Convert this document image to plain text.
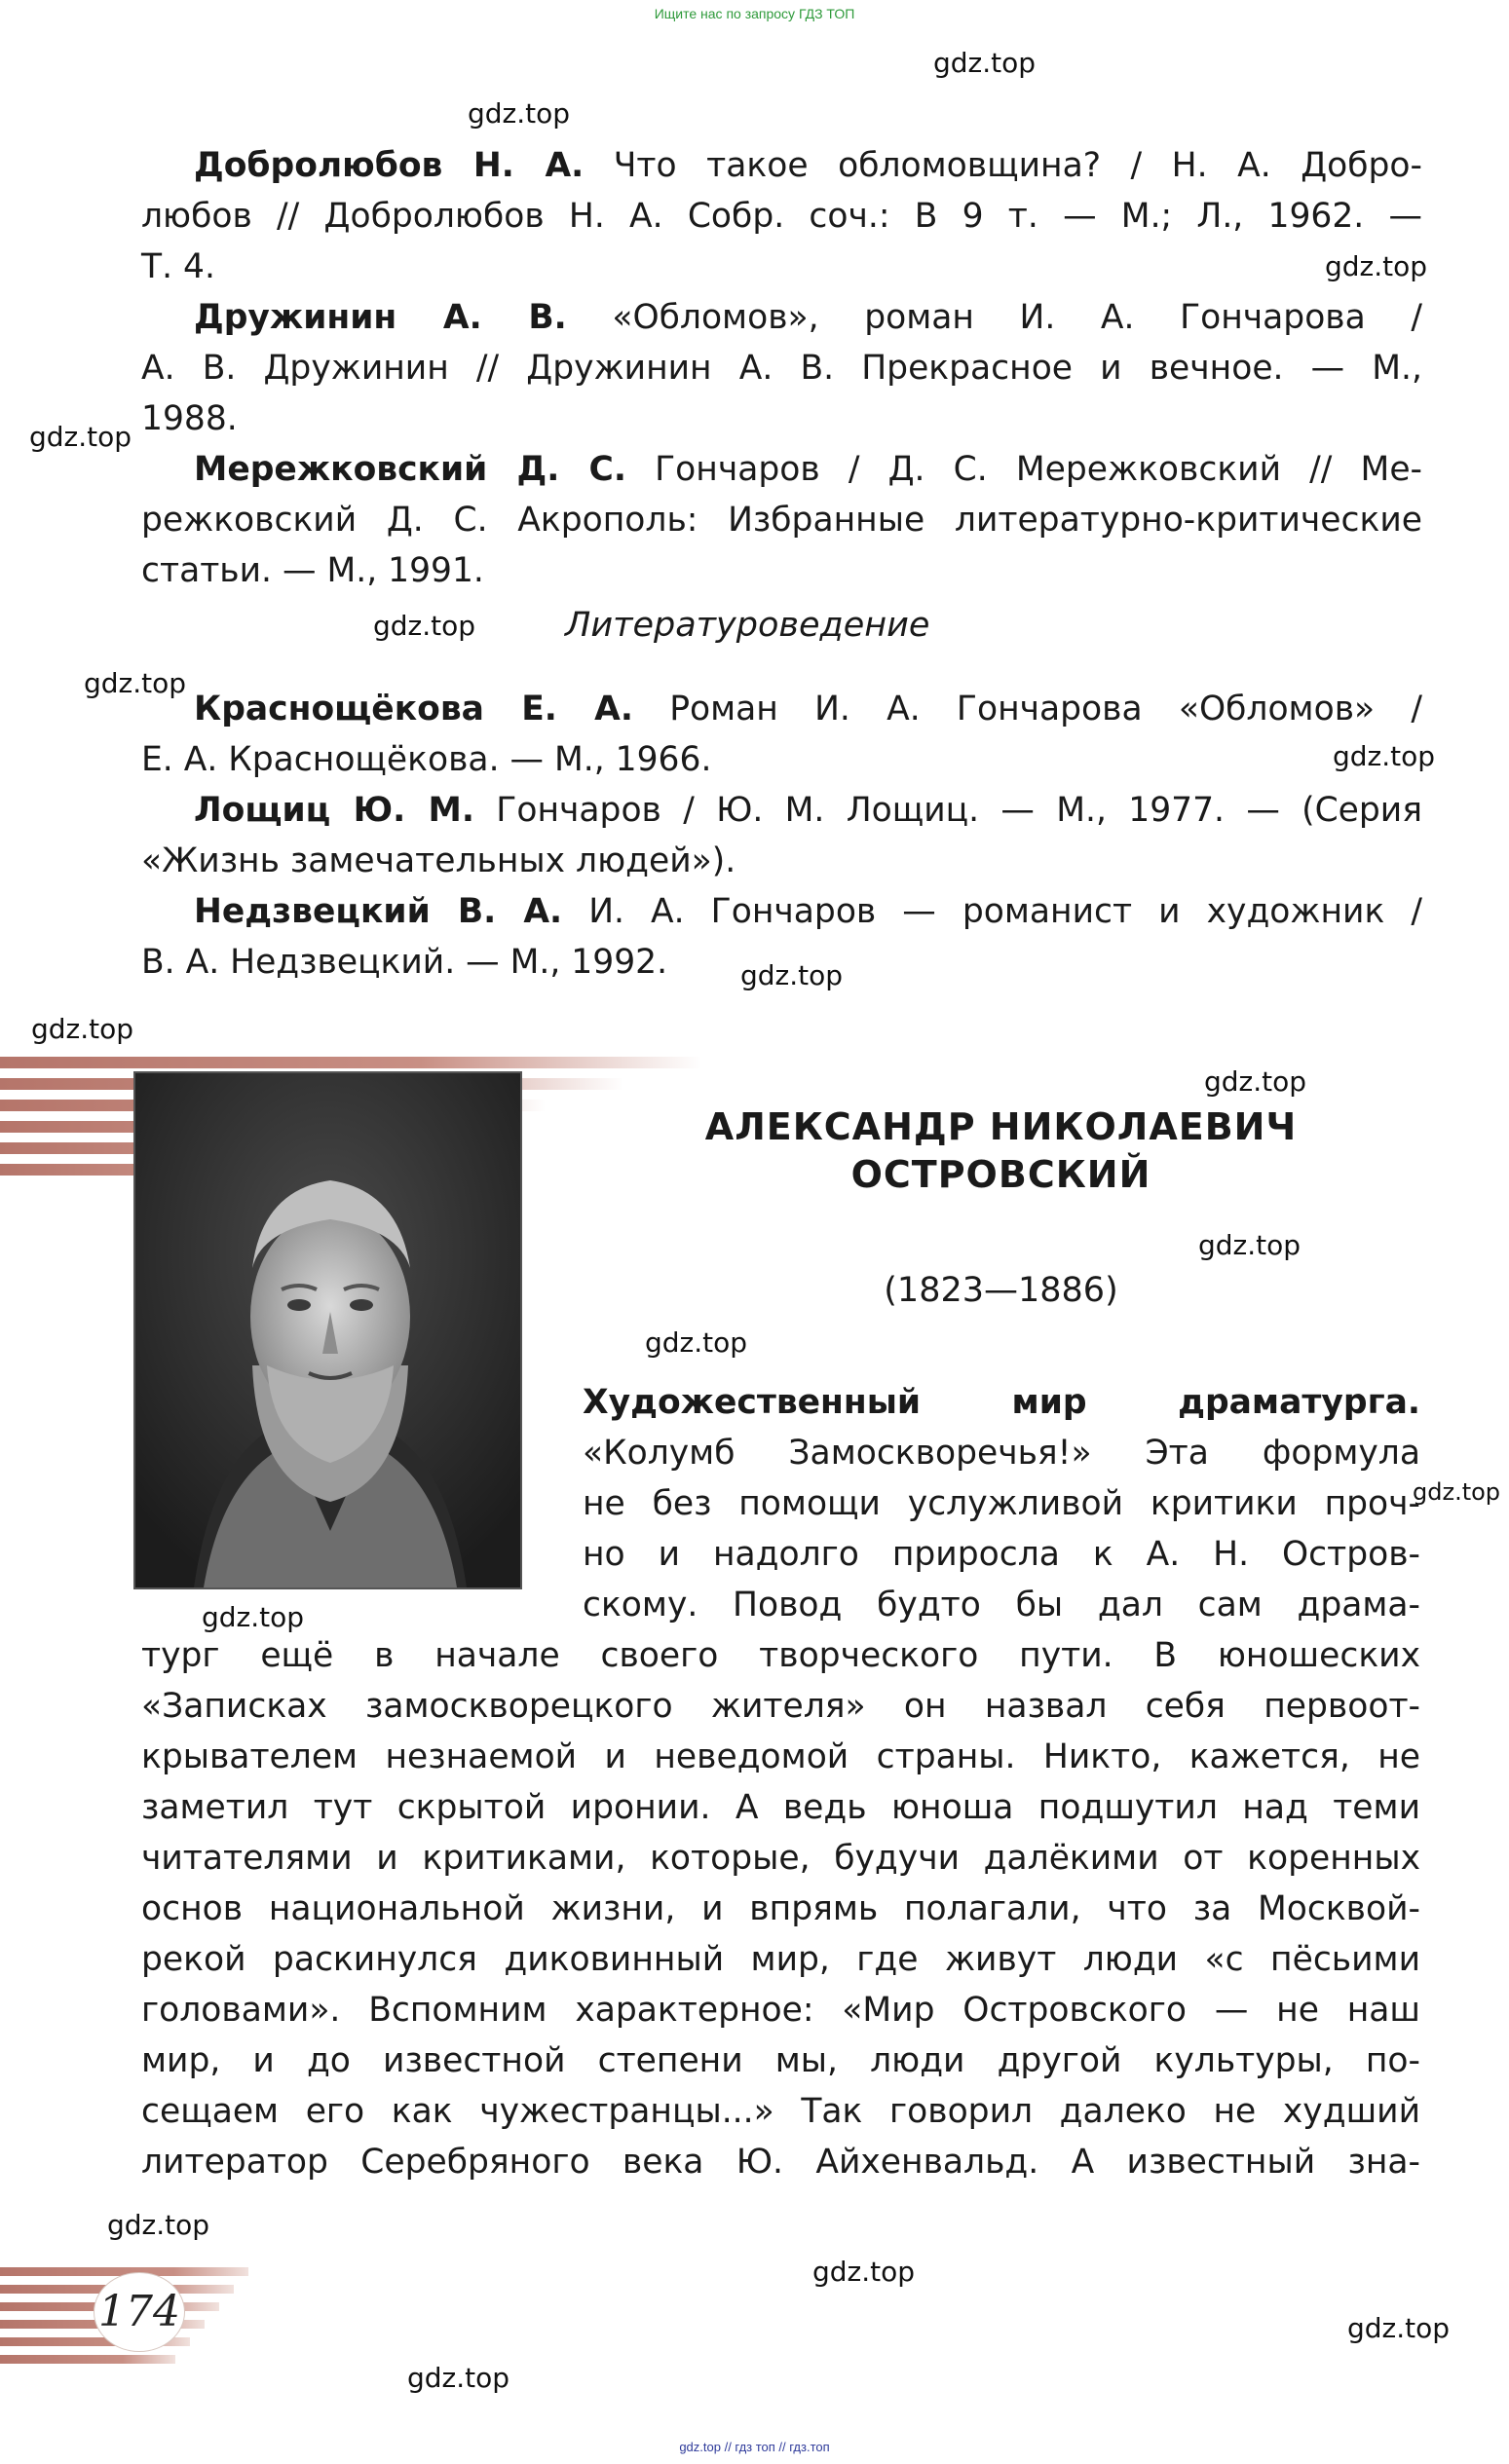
Ищите нас по запросу ГДЗ ТОП
gdz.top
gdz.top
gdz.top
gdz.top
gdz.top
gdz.top
gdz.top
gdz.top
gdz.top
gdz.top
gdz.top
gdz.top
gdz.top
gdz.top
gdz.top
gdz.top
gdz.top
gdz.top
Добролюбов Н. А. Что такое обломовщина? / Н. А. Добро-
любов // Добролюбов Н. А. Собр. соч.: В 9 т. — М.; Л., 1962. —
Т. 4.
Дружинин А. В. «Обломов», роман И. А. Гончарова /
А. В. Дружинин // Дружинин А. В. Прекрасное и вечное. — М.,
1988.
Мережковский Д. С. Гончаров / Д. С. Мережковский // Ме-
режковский Д. С. Акрополь: Избранные литературно-критические
статьи. — М., 1991.
Литературоведение
Краснощёкова Е. А. Роман И. А. Гончарова «Обломов» /
Е. А. Краснощёкова. — М., 1966.
Лощиц Ю. М. Гончаров / Ю. М. Лощиц. — М., 1977. — (Серия
«Жизнь замечательных людей»).
Недзвецкий В. А. И. А. Гончаров — романист и художник /
В. А. Недзвецкий. — М., 1992.
АЛЕКСАНДР НИКОЛАЕВИЧ
ОСТРОВСКИЙ
(1823—1886)
Художественный мир драматурга.
«Колумб Замоскворечья!» Эта формула
не без помощи услужливой критики проч-
но и надолго приросла к А. Н. Остров-
скому. Повод будто бы дал сам драма-
тург ещё в начале своего творческого пути. В юношеских
«Записках замоскворецкого жителя» он назвал себя первоот-
крывателем незнаемой и неведомой страны. Никто, кажется, не
заметил тут скрытой иронии. А ведь юноша подшутил над теми
читателями и критиками, которые, будучи далёкими от коренных
основ национальной жизни, и впрямь полагали, что за Москвой-
рекой раскинулся диковинный мир, где живут люди «с пёсьими
головами». Вспомним характерное: «Мир Островского — не наш
мир, и до известной степени мы, люди другой культуры, по-
сещаем его как чужестранцы...» Так говорил далеко не худший
литератор Серебряного века Ю. Айхенвальд. А известный зна-
174
gdz.top // гдз топ // гдз.топ
